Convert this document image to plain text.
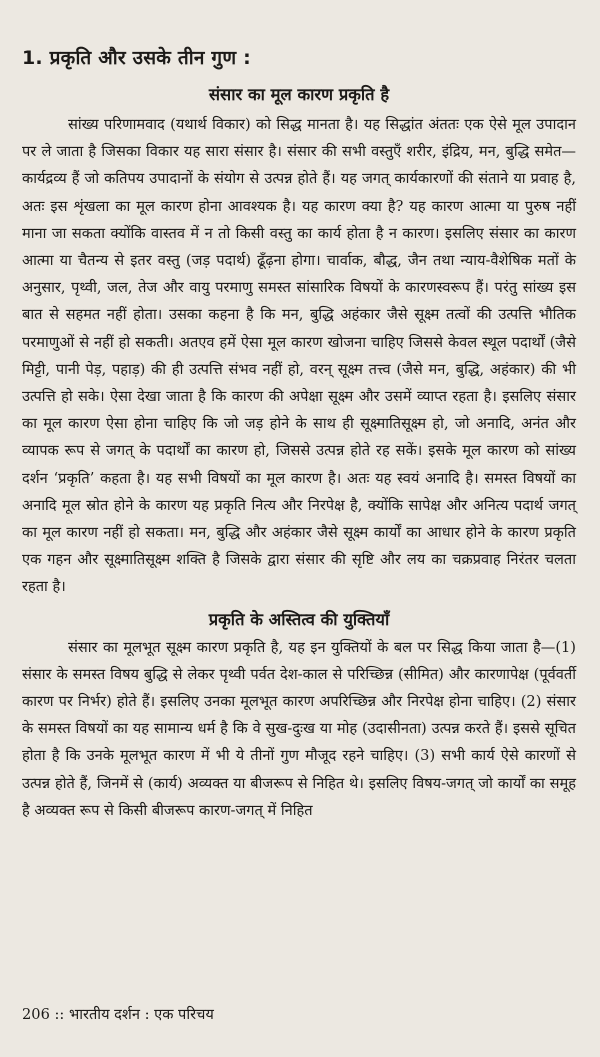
1. प्रकृति और उसके तीन गुण :
संसार का मूल कारण प्रकृति है

सांख्य परिणामवाद (यथार्थ विकार) को सिद्ध मानता है। यह सिद्धांत अंततः एक ऐसे मूल उपादान पर ले जाता है जिसका विकार यह सारा संसार है। संसार की सभी वस्तुएँ शरीर, इंद्रिय, मन, बुद्धि समेत—कार्यद्रव्य हैं जो कतिपय उपादानों के संयोग से उत्पन्न होते हैं। यह जगत् कार्यकारणों की संताने या प्रवाह है, अतः इस शृंखला का मूल कारण होना आवश्यक है। यह कारण क्या है? यह कारण आत्मा या पुरुष नहीं माना जा सकता क्योंकि वास्तव में न तो किसी वस्तु का कार्य होता है न कारण। इसलिए संसार का कारण आत्मा या चैतन्य से इतर वस्तु (जड़ पदार्थ) ढूँढ़ना होगा। चार्वाक, बौद्ध, जैन तथा न्याय-वैशेषिक मतों के अनुसार, पृथ्वी, जल, तेज और वायु परमाणु समस्त सांसारिक विषयों के कारणस्वरूप हैं। परंतु सांख्य इस बात से सहमत नहीं होता। उसका कहना है कि मन, बुद्धि अहंकार जैसे सूक्ष्म तत्वों की उत्पत्ति भौतिक परमाणुओं से नहीं हो सकती। अतएव हमें ऐसा मूल कारण खोजना चाहिए जिससे केवल स्थूल पदार्थों (जैसे मिट्टी, पानी पेड़, पहाड़) की ही उत्पत्ति संभव नहीं हो, वरन् सूक्ष्म तत्त्व (जैसे मन, बुद्धि, अहंकार) की भी उत्पत्ति हो सके। ऐसा देखा जाता है कि कारण की अपेक्षा सूक्ष्म और उसमें व्याप्त रहता है। इसलिए संसार का मूल कारण ऐसा होना चाहिए कि जो जड़ होने के साथ ही सूक्ष्मातिसूक्ष्म हो, जो अनादि, अनंत और व्यापक रूप से जगत् के पदार्थों का कारण हो, जिससे उत्पन्न होते रह सकें। इसके मूल कारण को सांख्य दर्शन ‘प्रकृति’ कहता है। यह सभी विषयों का मूल कारण है। अतः यह स्वयं अनादि है। समस्त विषयों का अनादि मूल स्रोत होने के कारण यह प्रकृति नित्य और निरपेक्ष है, क्योंकि सापेक्ष और अनित्य पदार्थ जगत् का मूल कारण नहीं हो सकता। मन, बुद्धि और अहंकार जैसे सूक्ष्म कार्यों का आधार होने के कारण प्रकृति एक गहन और सूक्ष्मातिसूक्ष्म शक्ति है जिसके द्वारा संसार की सृष्टि और लय का चक्रप्रवाह निरंतर चलता रहता है।

प्रकृति के अस्तित्व की युक्तियाँ

संसार का मूलभूत सूक्ष्म कारण प्रकृति है, यह इन युक्तियों के बल पर सिद्ध किया जाता है—(1) संसार के समस्त विषय बुद्धि से लेकर पृथ्वी पर्वत देश-काल से परिच्छिन्न (सीमित) और कारणापेक्ष (पूर्ववर्ती कारण पर निर्भर) होते हैं। इसलिए उनका मूलभूत कारण अपरिच्छिन्न और निरपेक्ष होना चाहिए। (2) संसार के समस्त विषयों का यह सामान्य धर्म है कि वे सुख-दुःख या मोह (उदासीनता) उत्पन्न करते हैं। इससे सूचित होता है कि उनके मूलभूत कारण में भी ये तीनों गुण मौजूद रहने चाहिए। (3) सभी कार्य ऐसे कारणों से उत्पन्न होते हैं, जिनमें से (कार्य) अव्यक्त या बीजरूप से निहित थे। इसलिए विषय-जगत् जो कार्यों का समूह है अव्यक्त रूप से किसी बीजरूप कारण-जगत् में निहित

206 :: भारतीय दर्शन : एक परिचय
